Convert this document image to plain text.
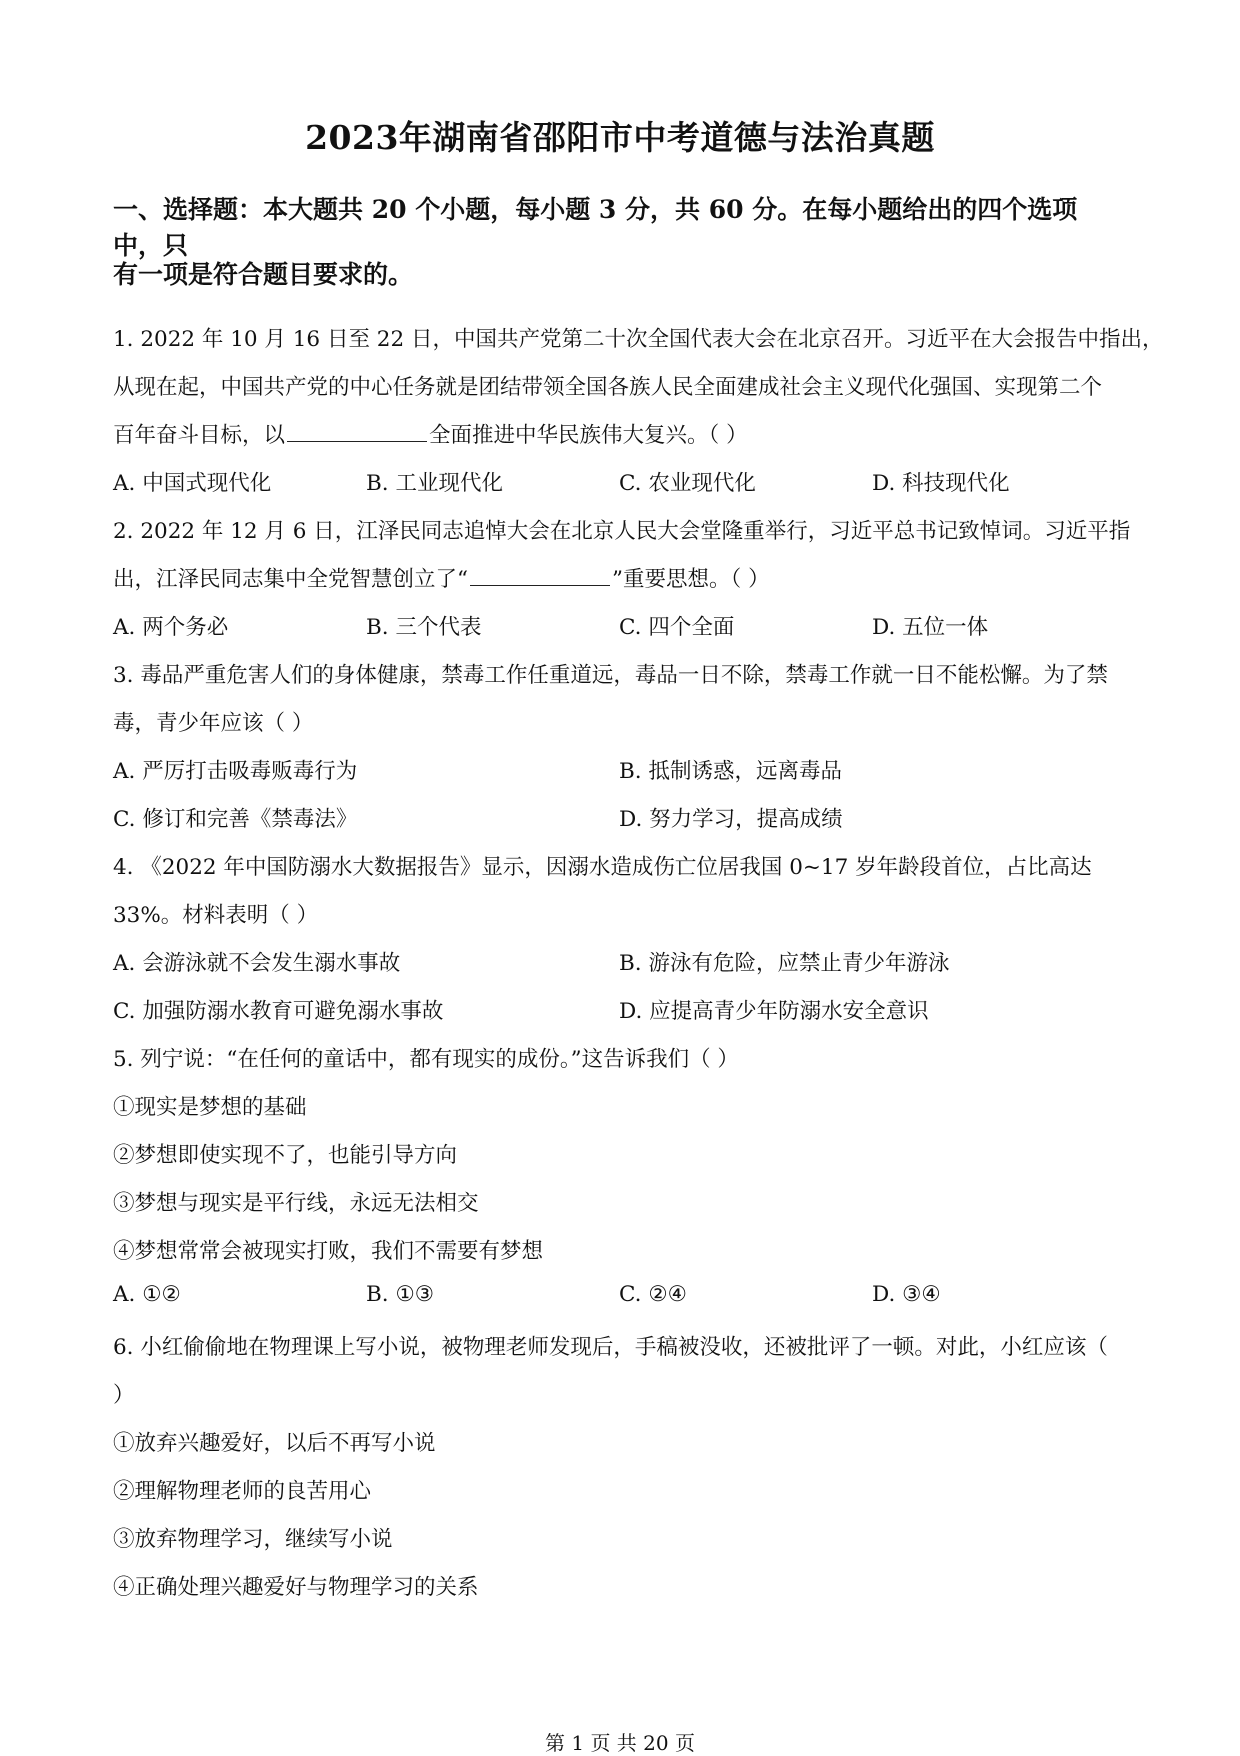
2023年湖南省邵阳市中考道德与法治真题

一、选择题：本大题共 20 个小题，每小题 3 分，共 60 分。在每小题给出的四个选项中，只

有一项是符合题目要求的。

1. 2022 年 10 月 16 日至 22 日，中国共产党第二十次全国代表大会在北京召开。习近平在大会报告中指出，

从现在起，中国共产党的中心任务就是团结带领全国各族人民全面建成社会主义现代化强国、实现第二个

百年奋斗目标，以	全面推进中华民族伟大复兴。（ ）

A. 中国式现代化	B. 工业现代化	C. 农业现代化	D. 科技现代化

2. 2022 年 12 月 6 日，江泽民同志追悼大会在北京人民大会堂隆重举行，习近平总书记致悼词。习近平指

出，江泽民同志集中全党智慧创立了“	”重要思想。（ ）

A. 两个务必	B. 三个代表	C. 四个全面	D. 五位一体

3. 毒品严重危害人们的身体健康，禁毒工作任重道远，毒品一日不除，禁毒工作就一日不能松懈。为了禁

毒，青少年应该（ ）

A. 严厉打击吸毒贩毒行为	B. 抵制诱惑，远离毒品
C. 修订和完善《禁毒法》	D. 努力学习，提高成绩

4. 《2022 年中国防溺水大数据报告》显示，因溺水造成伤亡位居我国 0~17 岁年龄段首位，占比高达

33%。材料表明（ ）

A. 会游泳就不会发生溺水事故	B. 游泳有危险，应禁止青少年游泳
C. 加强防溺水教育可避免溺水事故	D. 应提高青少年防溺水安全意识

5. 列宁说：“在任何的童话中，都有现实的成份。”这告诉我们（ ）

①现实是梦想的基础

②梦想即使实现不了，也能引导方向

③梦想与现实是平行线，永远无法相交

④梦想常常会被现实打败，我们不需要有梦想

A. ①②	B. ①③	C. ②④	D. ③④

6. 小红偷偷地在物理课上写小说，被物理老师发现后，手稿被没收，还被批评了一顿。对此，小红应该（

）

①放弃兴趣爱好，以后不再写小说

②理解物理老师的良苦用心

③放弃物理学习，继续写小说

④正确处理兴趣爱好与物理学习的关系

第 1 页 共 20 页
